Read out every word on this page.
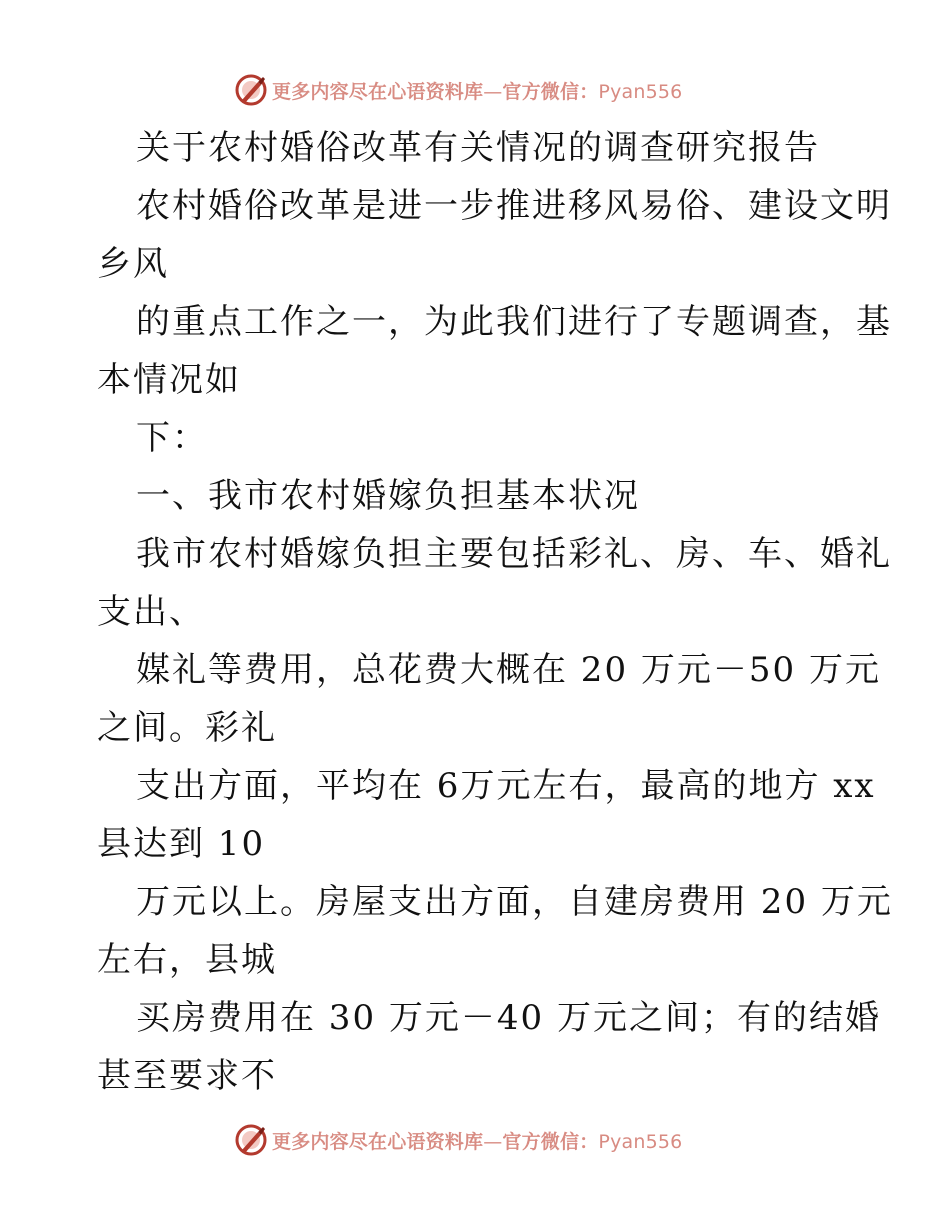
更多内容尽在心语资料库—官方微信：Pyan556
关于农村婚俗改革有关情况的调查研究报告
农村婚俗改革是进一步推进移风易俗、建设文明
乡风
的重点工作之一，为此我们进行了专题调查，基
本情况如
下：
一、我市农村婚嫁负担基本状况
我市农村婚嫁负担主要包括彩礼、房、车、婚礼
支出、
媒礼等费用，总花费大概在 20 万元－50 万元
之间。彩礼
支出方面，平均在 6万元左右，最高的地方 xx
县达到 10
万元以上。房屋支出方面，自建房费用 20 万元
左右，县城
买房费用在 30 万元－40 万元之间；有的结婚
甚至要求不
更多内容尽在心语资料库—官方微信：Pyan556
